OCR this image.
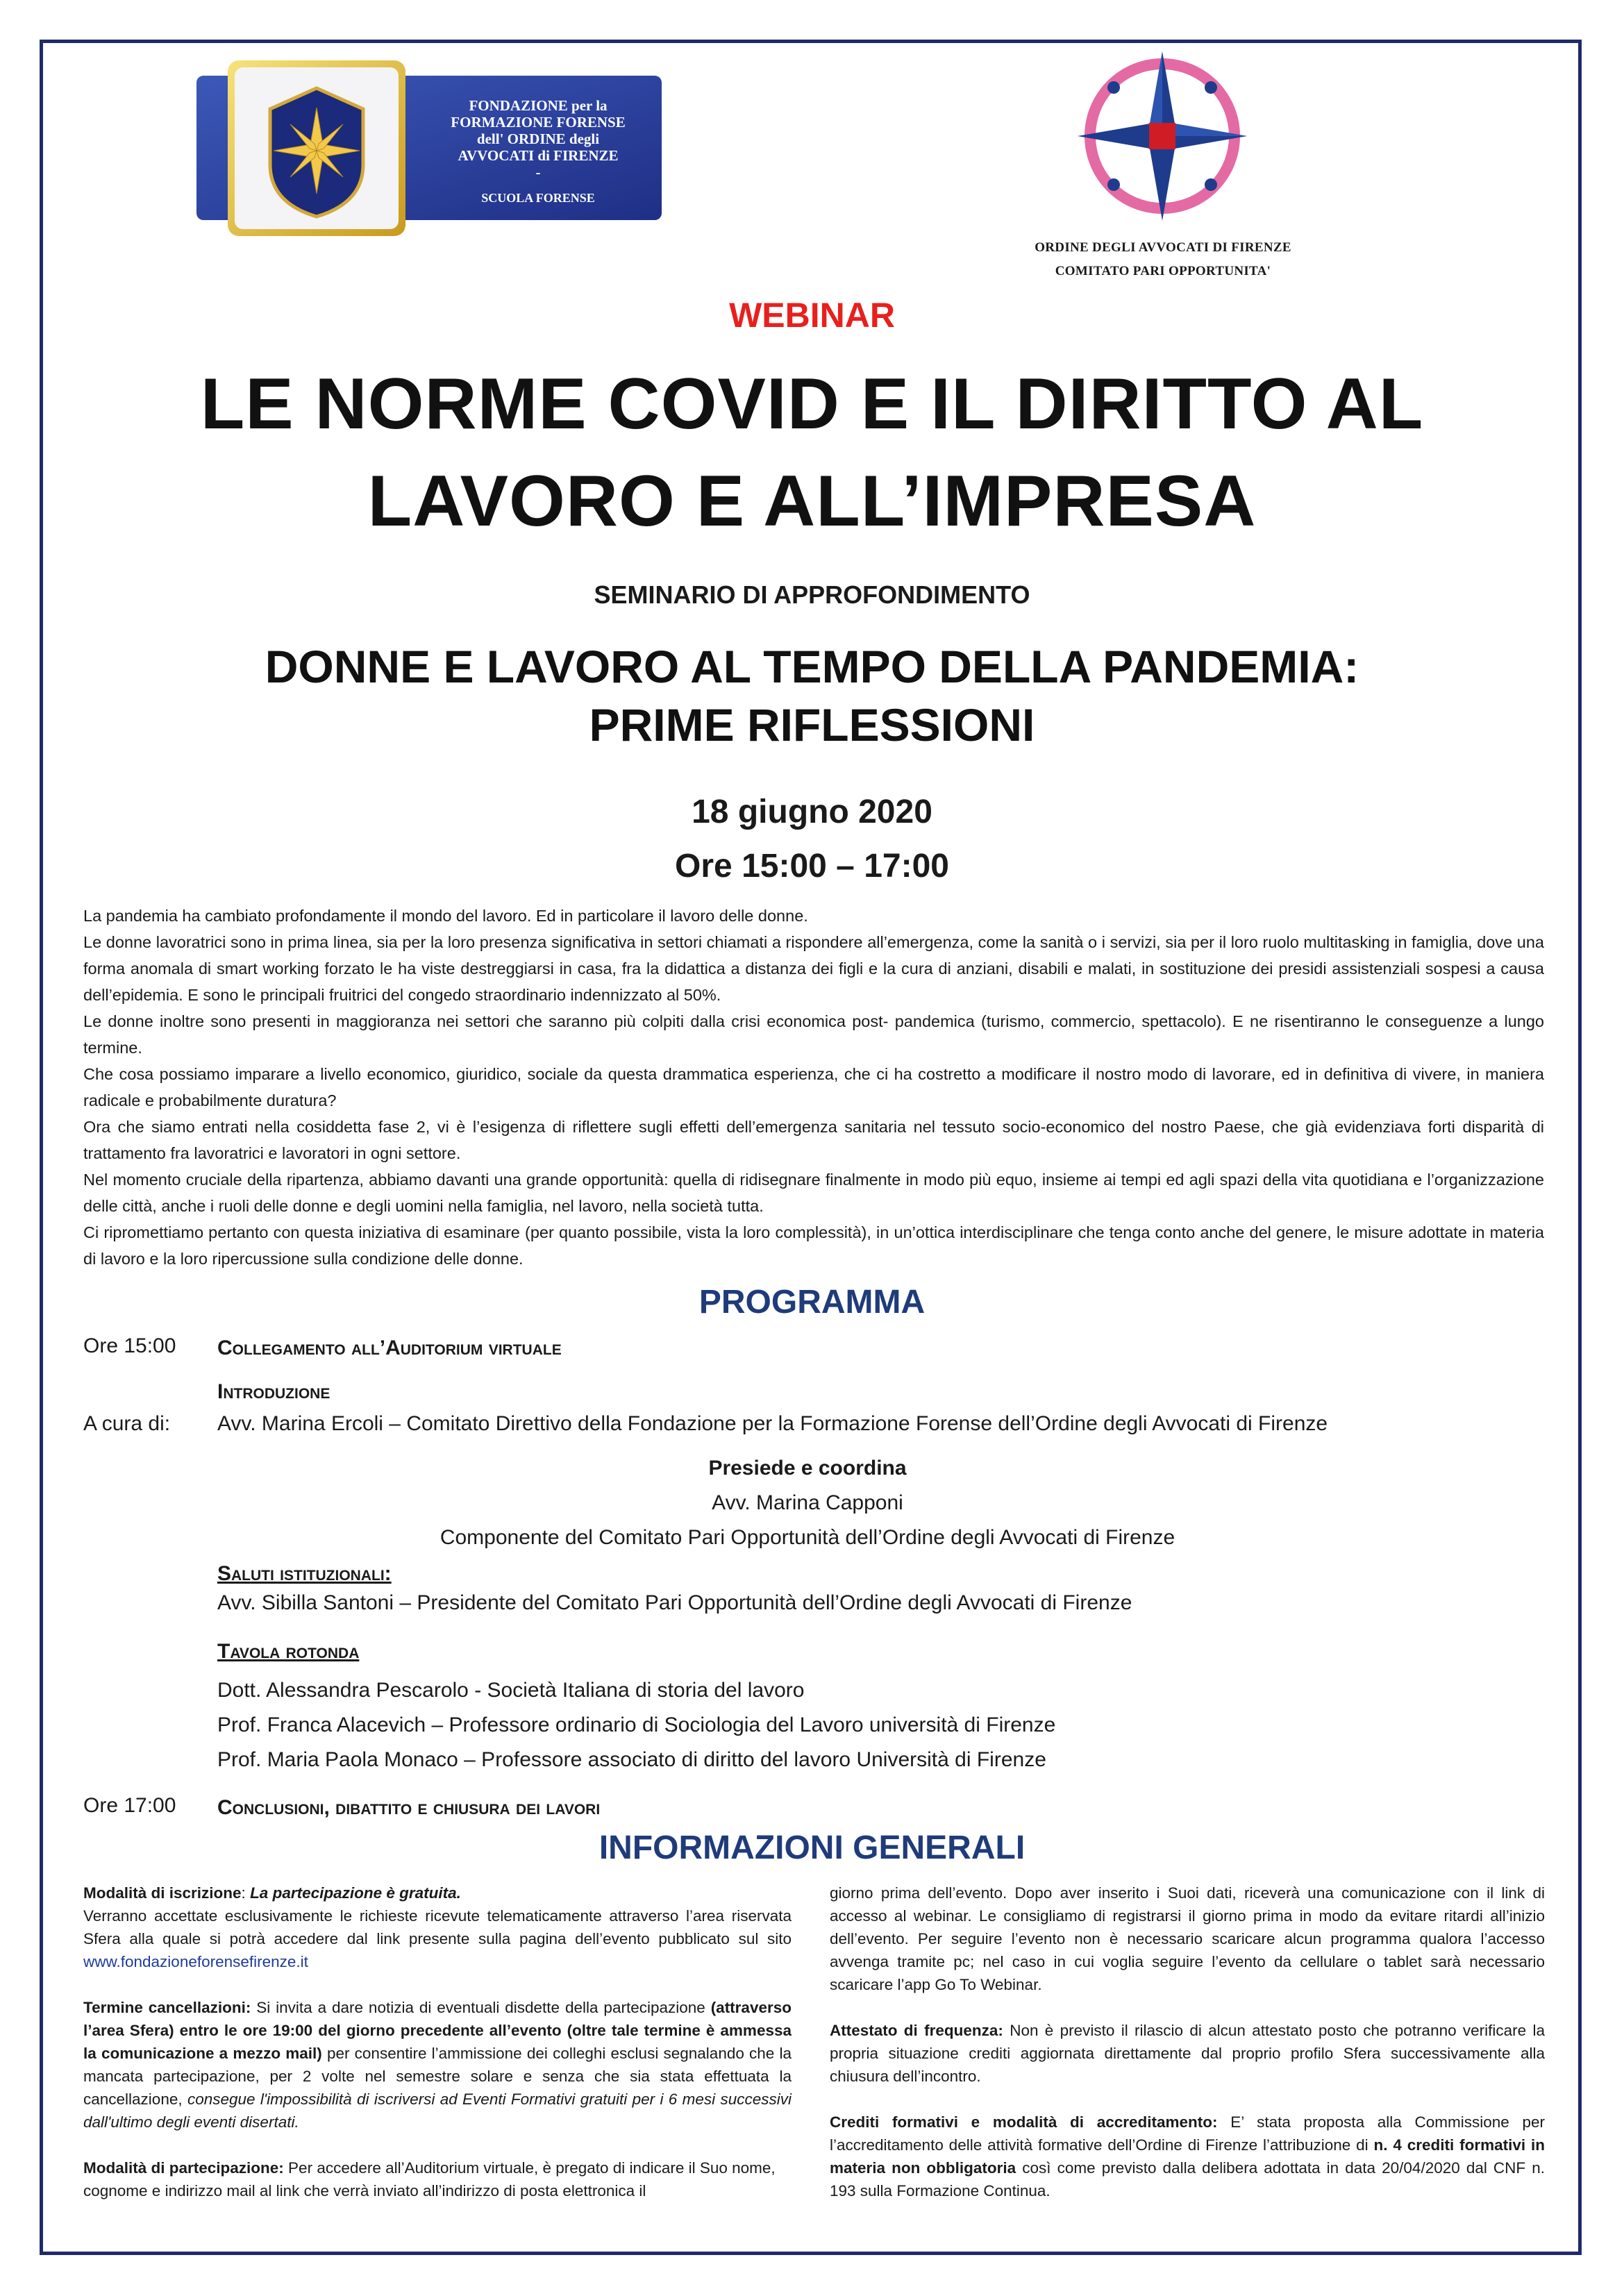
FONDAZIONE per la
FORMAZIONE FORENSE
dell' ORDINE degli
AVVOCATI di FIRENZE
-
SCUOLA FORENSE
ORDINE DEGLI AVVOCATI DI FIRENZE
COMITATO PARI OPPORTUNITA'
WEBINAR
LE NORME COVID E IL DIRITTO AL
LAVORO E ALL’IMPRESA
SEMINARIO DI APPROFONDIMENTO
DONNE E LAVORO AL TEMPO DELLA PANDEMIA:
PRIME RIFLESSIONI
18 giugno 2020
Ore 15:00 – 17:00

La pandemia ha cambiato profondamente il mondo del lavoro. Ed in particolare il lavoro delle donne.

Le donne lavoratrici sono in prima linea, sia per la loro presenza significativa in settori chiamati a rispondere all’emergenza, come la sanità o i servizi, sia per il loro ruolo multitasking in famiglia, dove una forma anomala di smart working forzato le ha viste destreggiarsi in casa, fra la didattica a distanza dei figli e la cura di anziani, disabili e malati, in sostituzione dei presidi assistenziali sospesi a causa dell’epidemia. E sono le principali fruitrici del congedo straordinario indennizzato al 50%.

Le donne inoltre sono presenti in maggioranza nei settori che saranno più colpiti dalla crisi economica post- pandemica (turismo, commercio, spettacolo). E ne risentiranno le conseguenze a lungo termine.

Che cosa possiamo imparare a livello economico, giuridico, sociale da questa drammatica esperienza, che ci ha costretto a modificare il nostro modo di lavorare, ed in definitiva di vivere, in maniera radicale e probabilmente duratura?

Ora che siamo entrati nella cosiddetta fase 2, vi è l’esigenza di riflettere sugli effetti dell’emergenza sanitaria nel tessuto socio-economico del nostro Paese, che già evidenziava forti disparità di trattamento fra lavoratrici e lavoratori in ogni settore.

Nel momento cruciale della ripartenza, abbiamo davanti una grande opportunità: quella di ridisegnare finalmente in modo più equo, insieme ai tempi ed agli spazi della vita quotidiana e l’organizzazione delle città, anche i ruoli delle donne e degli uomini nella famiglia, nel lavoro, nella società tutta.

Ci ripromettiamo pertanto con questa iniziativa di esaminare (per quanto possibile, vista la loro complessità), in un’ottica interdisciplinare che tenga conto anche del genere, le misure adottate in materia di lavoro e la loro ripercussione sulla condizione delle donne.

PROGRAMMA
Ore 15:00 Collegamento all’Auditorium virtuale
Introduzione
A cura di: Avv. Marina Ercoli – Comitato Direttivo della Fondazione per la Formazione Forense dell’Ordine degli Avvocati di Firenze
Presiede e coordina
Avv. Marina Capponi
Componente del Comitato Pari Opportunità dell’Ordine degli Avvocati di Firenze
Saluti istituzionali:
Avv. Sibilla Santoni – Presidente del Comitato Pari Opportunità dell’Ordine degli Avvocati di Firenze
Tavola rotonda
Dott. Alessandra Pescarolo - Società Italiana di storia del lavoro
Prof. Franca Alacevich – Professore ordinario di Sociologia del Lavoro università di Firenze
Prof. Maria Paola Monaco – Professore associato di diritto del lavoro Università di Firenze
Ore 17:00 Conclusioni, dibattito e chiusura dei lavori
INFORMAZIONI GENERALI

Modalità di iscrizione: La partecipazione è gratuita.
Verranno accettate esclusivamente le richieste ricevute telematicamente attraverso l’area riservata Sfera alla quale si potrà accedere dal link presente sulla pagina dell’evento pubblicato sul sito www.fondazioneforensefirenze.it

Termine cancellazioni: Si invita a dare notizia di eventuali disdette della partecipazione (attraverso l’area Sfera) entro le ore 19:00 del giorno precedente all’evento (oltre tale termine è ammessa la comunicazione a mezzo mail) per consentire l’ammissione dei colleghi esclusi segnalando che la mancata partecipazione, per 2 volte nel semestre solare e senza che sia stata effettuata la cancellazione, consegue l'impossibilità di iscriversi ad Eventi Formativi gratuiti per i 6 mesi successivi dall'ultimo degli eventi disertati.

Modalità di partecipazione: Per accedere all’Auditorium virtuale, è pregato di indicare il Suo nome, cognome e indirizzo mail al link che verrà inviato all’indirizzo di posta elettronica il

giorno prima dell’evento. Dopo aver inserito i Suoi dati, riceverà una comunicazione con il link di accesso al webinar. Le consigliamo di registrarsi il giorno prima in modo da evitare ritardi all’inizio dell’evento. Per seguire l’evento non è necessario scaricare alcun programma qualora l’accesso avvenga tramite pc; nel caso in cui voglia seguire l’evento da cellulare o tablet sarà necessario scaricare l’app Go To Webinar.

Attestato di frequenza: Non è previsto il rilascio di alcun attestato posto che potranno verificare la propria situazione crediti aggiornata direttamente dal proprio profilo Sfera successivamente alla chiusura dell’incontro.

Crediti formativi e modalità di accreditamento: E’ stata proposta alla Commissione per l’accreditamento delle attività formative dell’Ordine di Firenze l’attribuzione di n. 4 crediti formativi in materia non obbligatoria così come previsto dalla delibera adottata in data 20/04/2020 dal CNF n. 193 sulla Formazione Continua.
